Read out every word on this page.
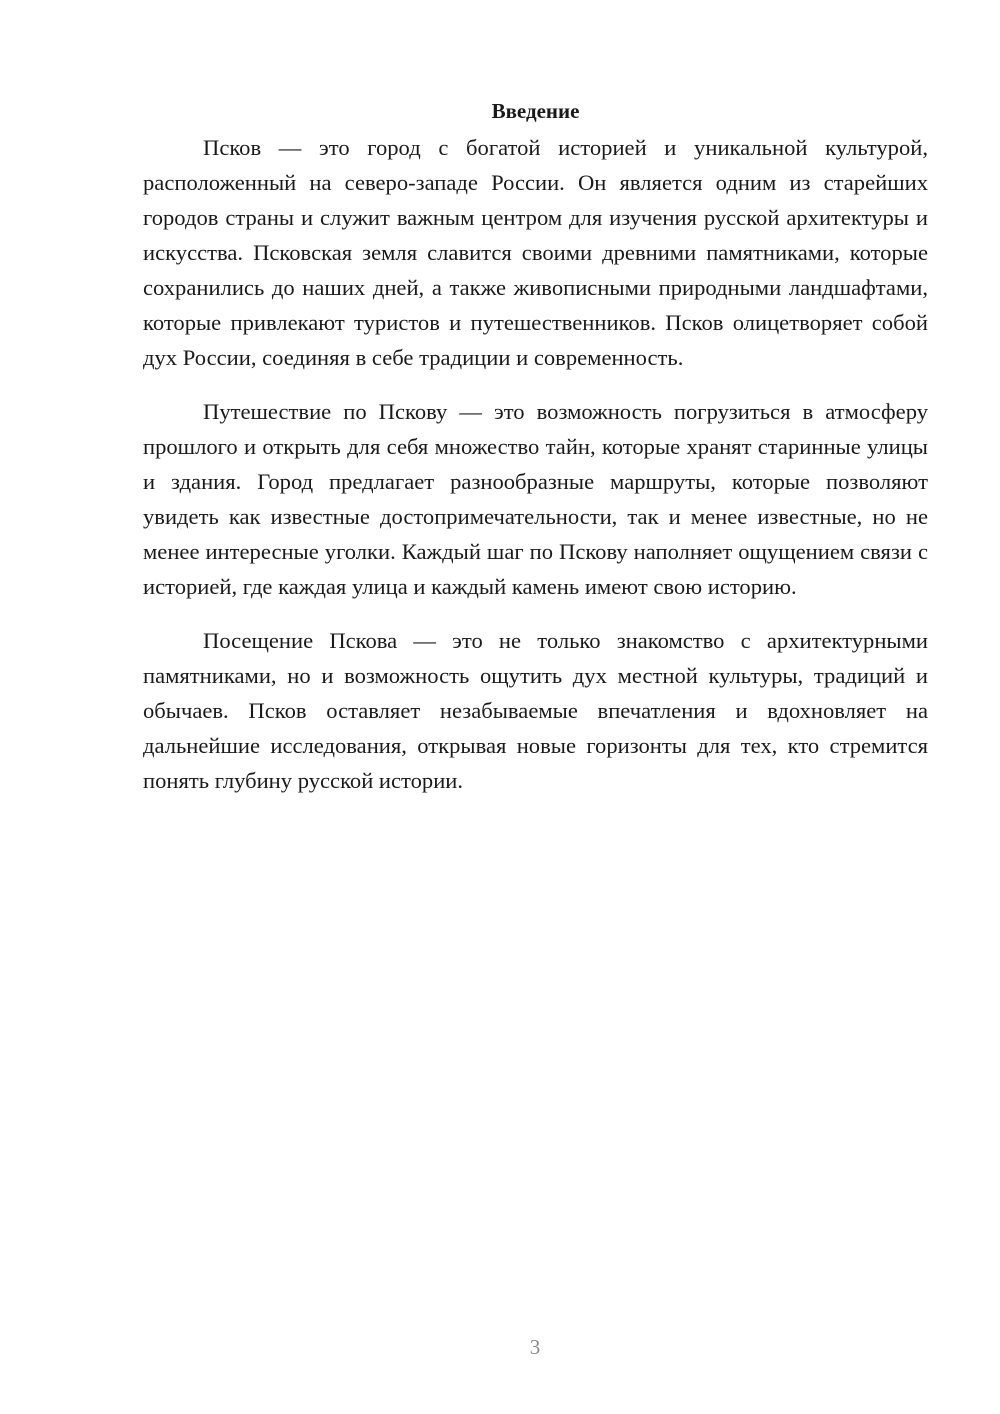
Введение

Псков — это город с богатой историей и уникальной культурой, расположенный на северо-западе России. Он является одним из старейших городов страны и служит важным центром для изучения русской архитектуры и искусства. Псковская земля славится своими древними памятниками, которые сохранились до наших дней, а также живописными природными ландшафтами, которые привлекают туристов и путешественников. Псков олицетворяет собой дух России, соединяя в себе традиции и современность.

Путешествие по Пскову — это возможность погрузиться в атмосферу прошлого и открыть для себя множество тайн, которые хранят старинные улицы и здания. Город предлагает разнообразные маршруты, которые позволяют увидеть как известные достопримечательности, так и менее известные, но не менее интересные уголки. Каждый шаг по Пскову наполняет ощущением связи с историей, где каждая улица и каждый камень имеют свою историю.

Посещение Пскова — это не только знакомство с архитектурными памятниками, но и возможность ощутить дух местной культуры, традиций и обычаев. Псков оставляет незабываемые впечатления и вдохновляет на дальнейшие исследования, открывая новые горизонты для тех, кто стремится понять глубину русской истории.

3
